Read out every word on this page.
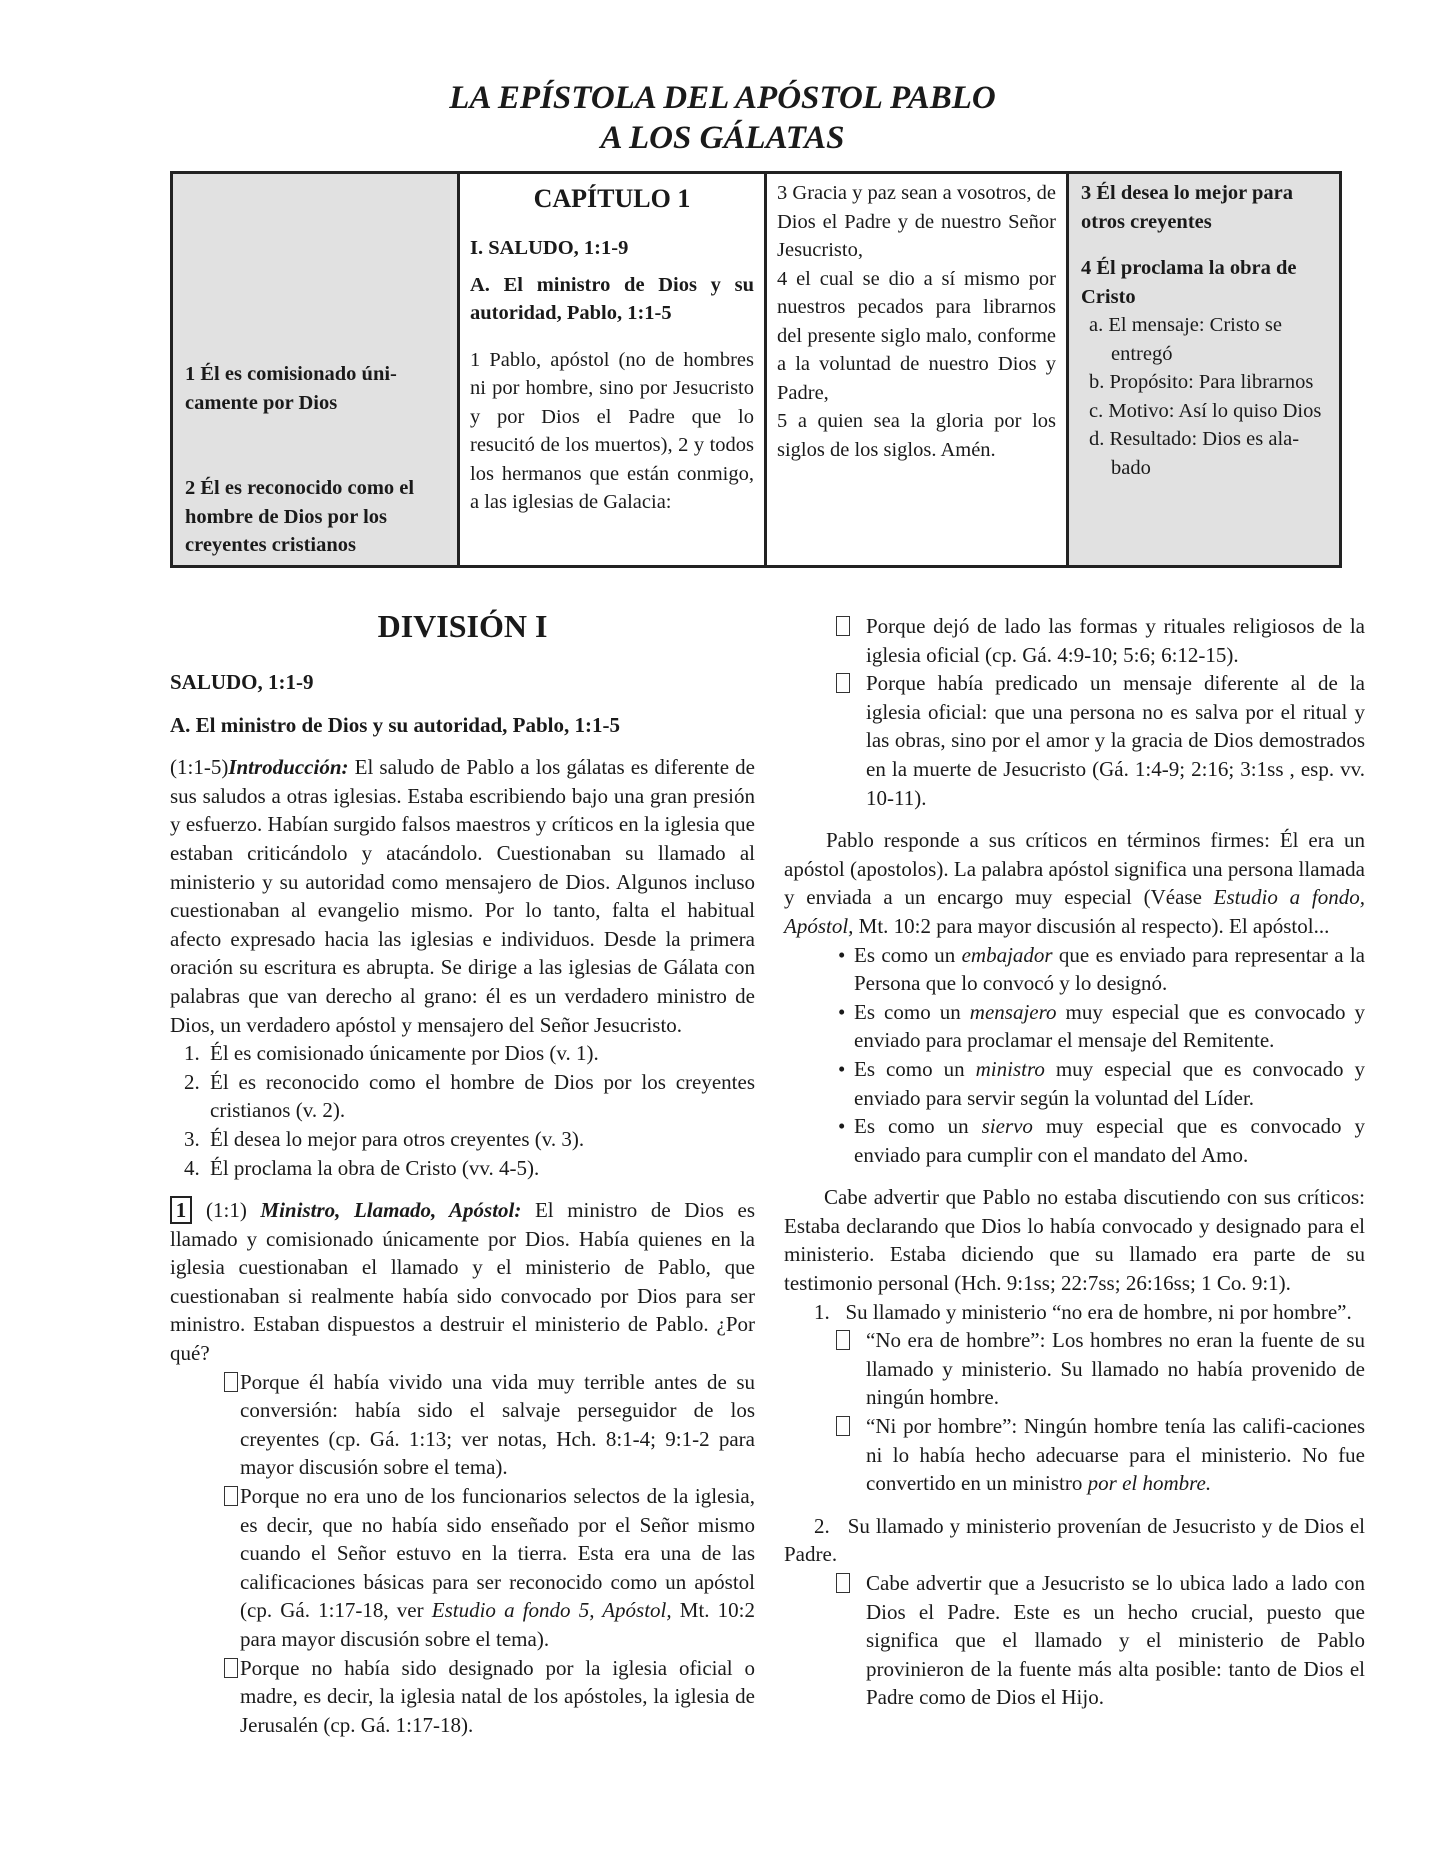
LA EPÍSTOLA DEL APÓSTOL PABLO
A LOS GÁLATAS
1 Él es comisionado úni-camente por Dios
2 Él es reconocido como el hombre de Dios por los creyentes cristianos
CAPÍTULO 1
I. SALUDO, 1:1-9
A. El ministro de Dios y su autoridad, Pablo, 1:1-5
1 Pablo, apóstol (no de hombres ni por hombre, sino por Jesucristo y por Dios el Padre que lo resucitó de los muertos), 2 y todos los hermanos que están conmigo, a las iglesias de Galacia:
3 Gracia y paz sean a vosotros, de Dios el Padre y de nuestro Señor Jesucristo,
4 el cual se dio a sí mismo por nuestros pecados para librarnos del presente siglo malo, conforme a la voluntad de nuestro Dios y Padre,
5 a quien sea la gloria por los siglos de los siglos. Amén.
3 Él desea lo mejor para otros creyentes
4 Él proclama la obra de Cristo
a. El mensaje: Cristo se entregó
b. Propósito: Para librarnos
c. Motivo: Así lo quiso Dios
d. Resultado: Dios es ala-bado
DIVISIÓN I
SALUDO, 1:1-9
A. El ministro de Dios y su autoridad, Pablo, 1:1-5

(1:1-5)Introducción: El saludo de Pablo a los gálatas es diferente de sus saludos a otras iglesias. Estaba escribiendo bajo una gran presión y esfuerzo. Habían surgido falsos maestros y críticos en la iglesia que estaban criticándolo y atacándolo. Cuestionaban su llamado al ministerio y su autoridad como mensajero de Dios. Algunos incluso cuestionaban al evangelio mismo. Por lo tanto, falta el habitual afecto expresado hacia las iglesias e individuos. Desde la primera oración su escritura es abrupta. Se dirige a las iglesias de Gálata con palabras que van derecho al grano: él es un verdadero ministro de Dios, un verdadero apóstol y mensajero del Señor Jesucristo.

1. Él es comisionado únicamente por Dios (v. 1).
2. Él es reconocido como el hombre de Dios por los creyentes cristianos (v. 2).
3. Él desea lo mejor para otros creyentes (v. 3).
4. Él proclama la obra de Cristo (vv. 4-5).

1 (1:1) Ministro, Llamado, Apóstol: El ministro de Dios es llamado y comisionado únicamente por Dios. Había quienes en la iglesia cuestionaban el llamado y el ministerio de Pablo, que cuestionaban si realmente había sido convocado por Dios para ser ministro. Estaban dispuestos a destruir el ministerio de Pablo. ¿Por qué?

Porque él había vivido una vida muy terrible antes de su conversión: había sido el salvaje perseguidor de los creyentes (cp. Gá. 1:13; ver notas, Hch. 8:1-4; 9:1-2 para mayor discusión sobre el tema).

Porque no era uno de los funcionarios selectos de la iglesia, es decir, que no había sido enseñado por el Señor mismo cuando el Señor estuvo en la tierra. Esta era una de las calificaciones básicas para ser reconocido como un apóstol (cp. Gá. 1:17-18, ver Estudio a fondo 5, Apóstol, Mt. 10:2 para mayor discusión sobre el tema).

Porque no había sido designado por la iglesia oficial o madre, es decir, la iglesia natal de los apóstoles, la iglesia de Jerusalén (cp. Gá. 1:17-18).

Porque dejó de lado las formas y rituales religiosos de la iglesia oficial (cp. Gá. 4:9-10; 5:6; 6:12-15).

Porque había predicado un mensaje diferente al de la iglesia oficial: que una persona no es salva por el ritual y las obras, sino por el amor y la gracia de Dios demostrados en la muerte de Jesucristo (Gá. 1:4-9; 2:16; 3:1ss , esp. vv. 10-11).

Pablo responde a sus críticos en términos firmes: Él era un apóstol (apostolos). La palabra apóstol significa una persona llamada y enviada a un encargo muy especial (Véase Estudio a fondo, Apóstol, Mt. 10:2 para mayor discusión al respecto). El apóstol...

• Es como un embajador que es enviado para representar a la Persona que lo convocó y lo designó.
• Es como un mensajero muy especial que es convocado y enviado para proclamar el mensaje del Remitente.
• Es como un ministro muy especial que es convocado y enviado para servir según la voluntad del Líder.
• Es como un siervo muy especial que es convocado y enviado para cumplir con el mandato del Amo.

Cabe advertir que Pablo no estaba discutiendo con sus críticos: Estaba declarando que Dios lo había convocado y designado para el ministerio. Estaba diciendo que su llamado era parte de su testimonio personal (Hch. 9:1ss; 22:7ss; 26:16ss; 1 Co. 9:1).

1. Su llamado y ministerio “no era de hombre, ni por hombre”.

“No era de hombre”: Los hombres no eran la fuente de su llamado y ministerio. Su llamado no había provenido de ningún hombre.

“Ni por hombre”: Ningún hombre tenía las califi-caciones ni lo había hecho adecuarse para el ministerio. No fue convertido en un ministro por el hombre.

2. Su llamado y ministerio provenían de Jesucristo y de Dios el Padre.

Cabe advertir que a Jesucristo se lo ubica lado a lado con Dios el Padre. Este es un hecho crucial, puesto que significa que el llamado y el ministerio de Pablo provinieron de la fuente más alta posible: tanto de Dios el Padre como de Dios el Hijo.
